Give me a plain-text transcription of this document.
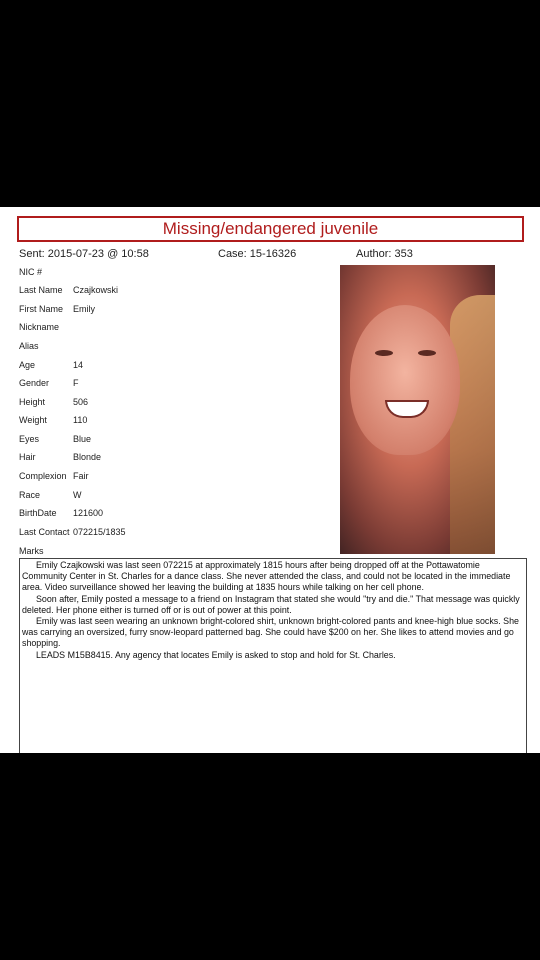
Missing/endangered juvenile
Sent: 2015-07-23 @ 10:58	Case: 15-16326	Author: 353
NIC #
Last Name Czajkowski
First Name Emily
Nickname
Alias
Age	14
Gender	F
Height	506
Weight	110
Eyes	Blue
Hair	Blonde
Complexion Fair
Race	W
BirthDate 121600
Last Contact 072215/1835
Marks

Emily Czajkowski was last seen 072215 at approximately 1815 hours after being dropped off at the Pottawatomie Community Center in St. Charles for a dance class. She never attended the class, and could not be located in the immediate area. Video surveillance showed her leaving the building at 1835 hours while talking on her cell phone.

Soon after, Emily posted a message to a friend on Instagram that stated she would "try and die." That message was quickly deleted. Her phone either is turned off or is out of power at this point.

Emily was last seen wearing an unknown bright-colored shirt, unknown bright-colored pants and knee-high blue socks. She was carrying an oversized, furry snow-leopard patterned bag. She could have $200 on her. She likes to attend movies and go shopping.

LEADS M15B8415. Any agency that locates Emily is asked to stop and hold for St. Charles.
